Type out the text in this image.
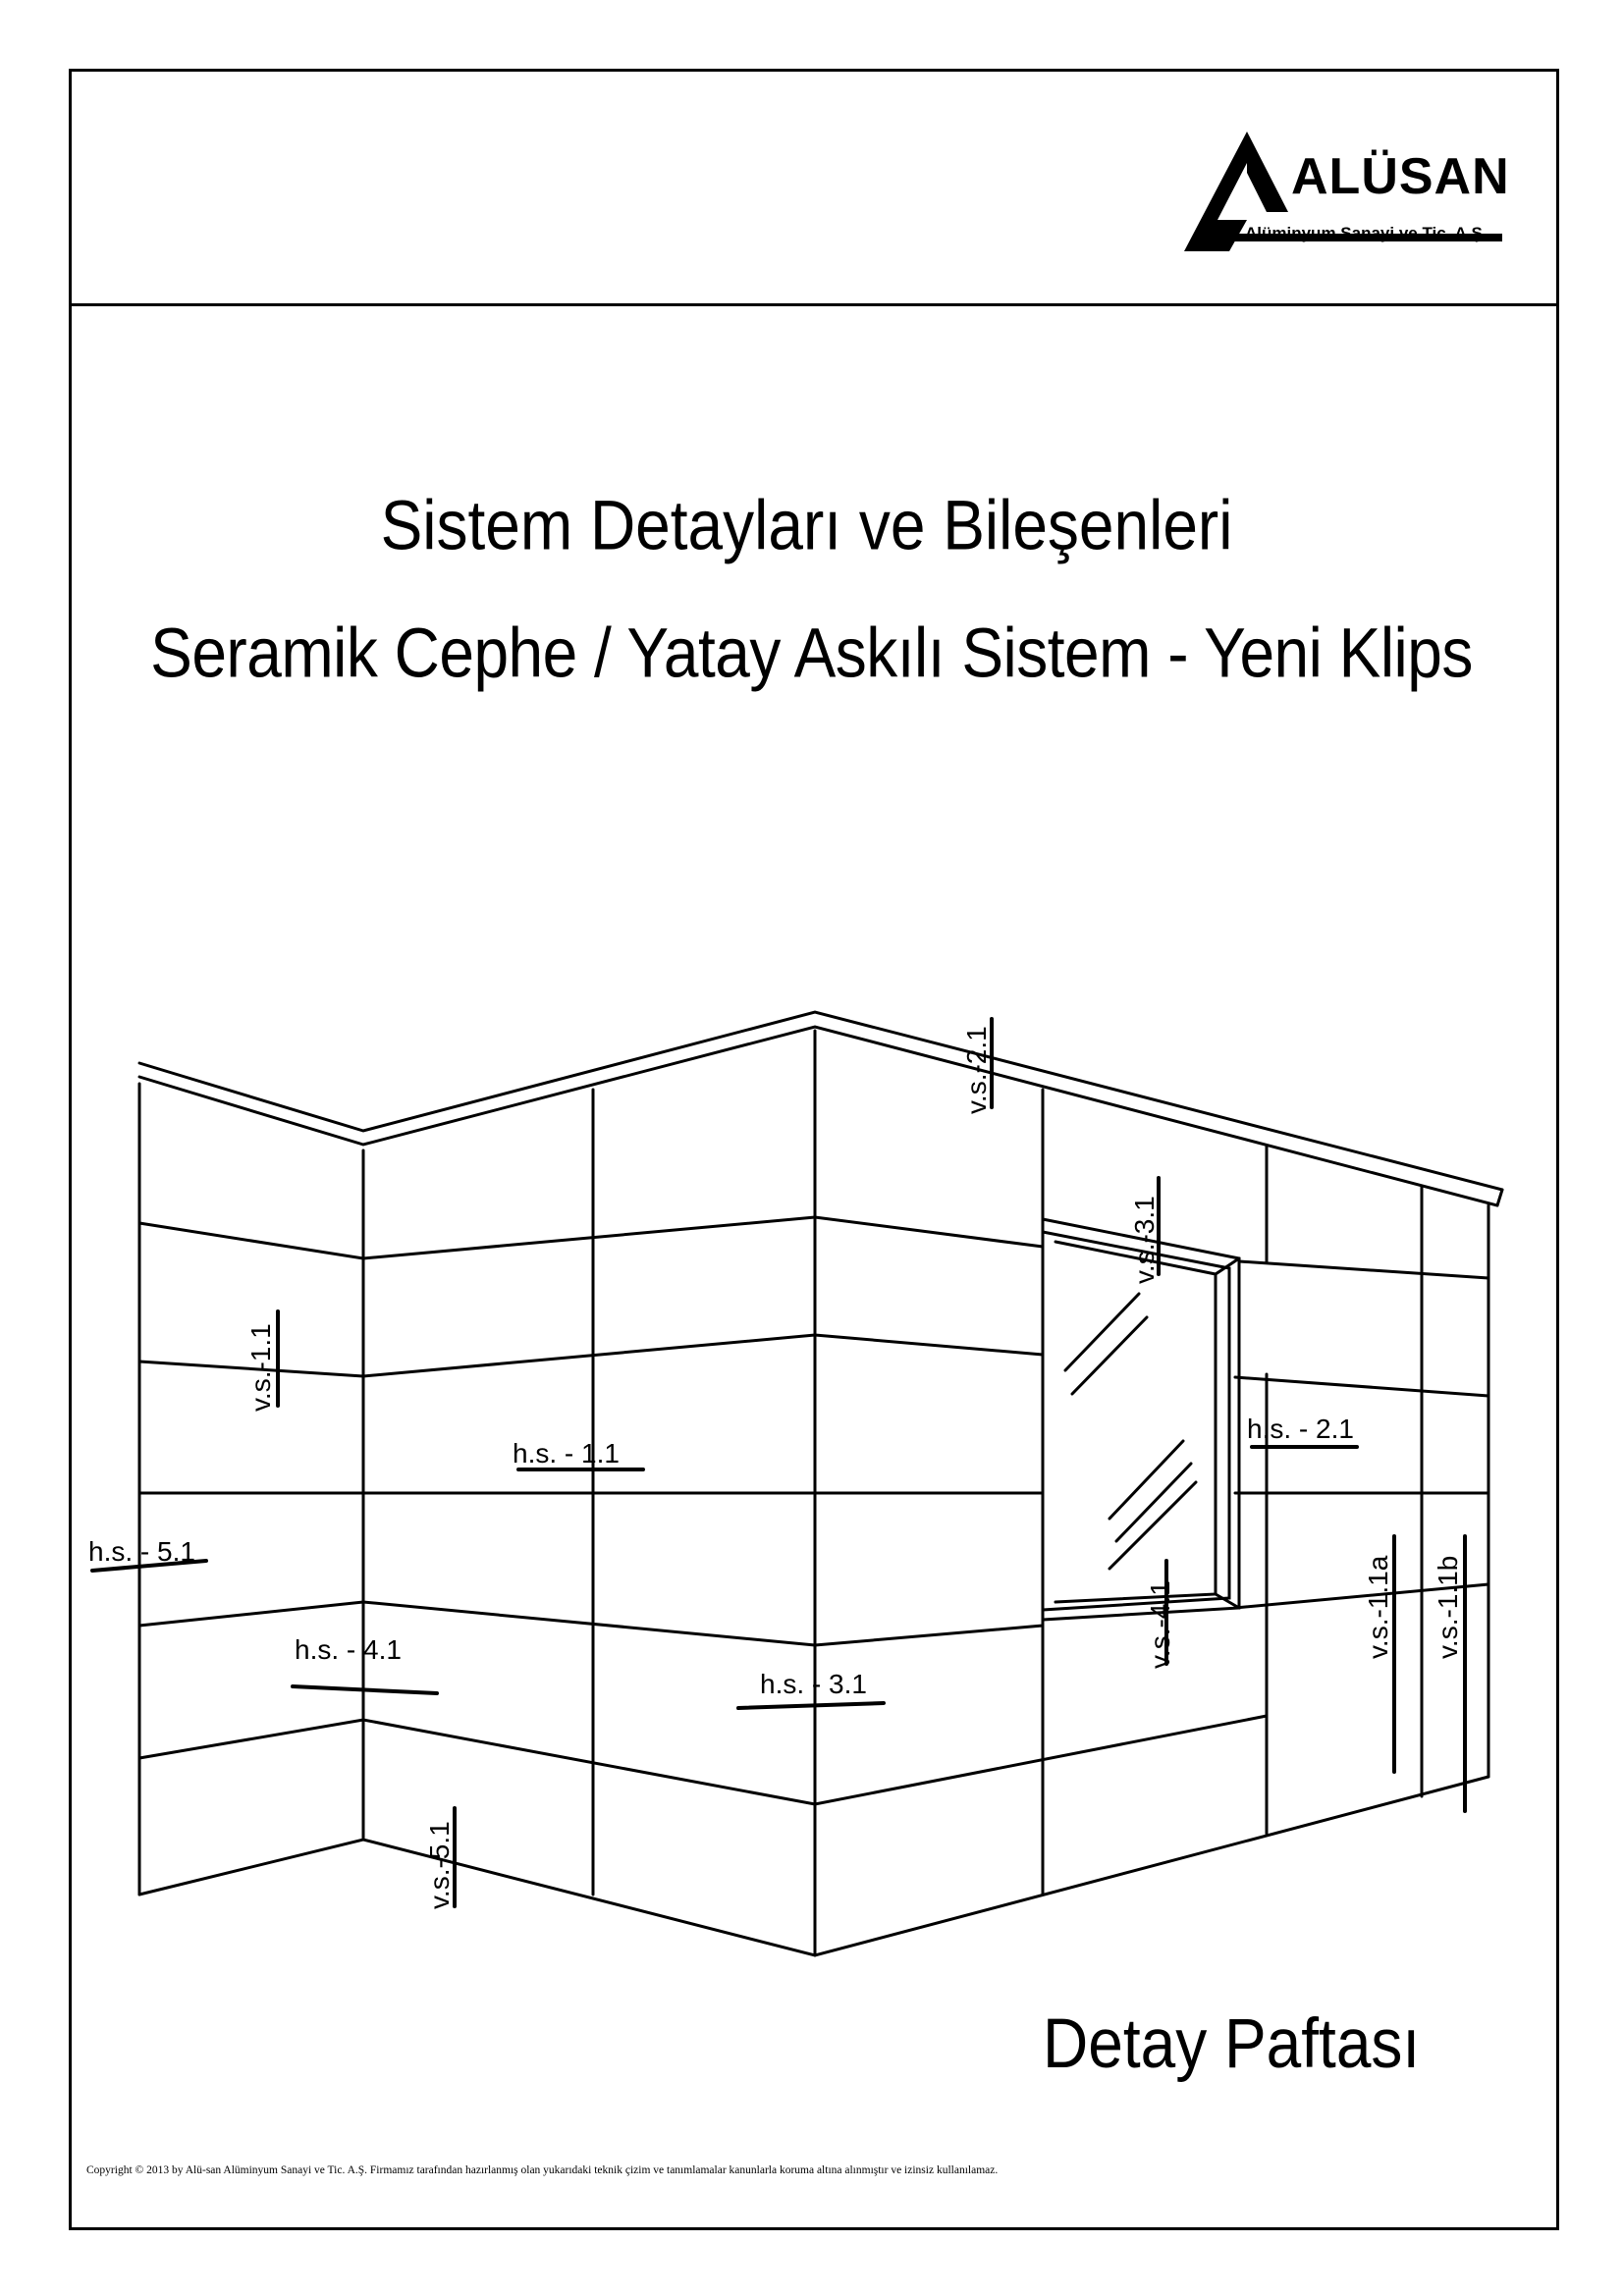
ALÜSAN
Alüminyum Sanayi ve Tic. A.Ş.
Sistem Detayları ve Bileşenleri
Seramik Cephe / Yatay Askılı Sistem - Yeni Klips
v.s.-2.1
v.s.-3.1
v.s.-1.1
h.s. - 1.1
h.s. - 2.1
h.s. - 5.1
v.s.-1.1a v.s.-1.1b
v.s.-4.1
h.s. - 4.1
h.s. - 3.1
v.s.-5.1
Detay Paftası
Copyright © 2013 by Alü-san Alüminyum Sanayi ve Tic. A.Ş. Firmamız tarafından hazırlanmış olan yukarıdaki teknik çizim ve tanımlamalar kanunlarla koruma altına alınmıştır ve izinsiz kullanılamaz.
